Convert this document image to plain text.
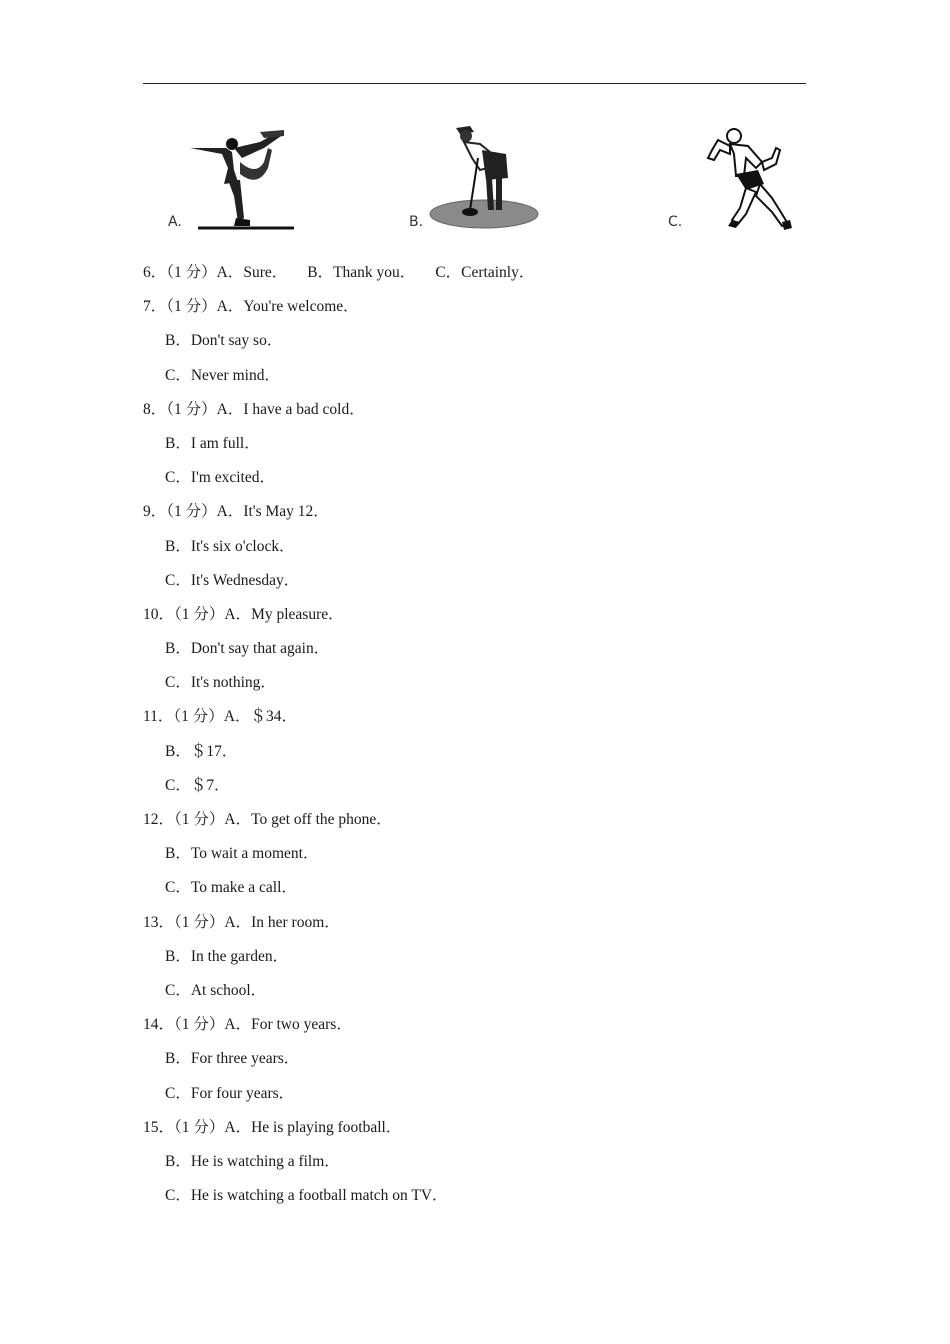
A.	B.	C.
6．（1 分）A．Sure． B．Thank you． C．Certainly．
7．（1 分）A．You're welcome．
B．Don't say so．
C．Never mind．
8．（1 分）A．I have a bad cold．
B．I am full．
C．I'm excited．
9．（1 分）A．It's May 12．
B．It's six o'clock．
C．It's Wednesday．
10．（1 分）A．My pleasure．
B．Don't say that again．
C．It's nothing．
11．（1 分）A．＄34．
B．＄17．
C．＄7．
12．（1 分）A．To get off the phone．
B．To wait a moment．
C．To make a call．
13．（1 分）A．In her room．
B．In the garden．
C．At school．
14．（1 分）A．For two years．
B．For three years．
C．For four years．
15．（1 分）A．He is playing football．
B．He is watching a film．
C．He is watching a football match on TV．
